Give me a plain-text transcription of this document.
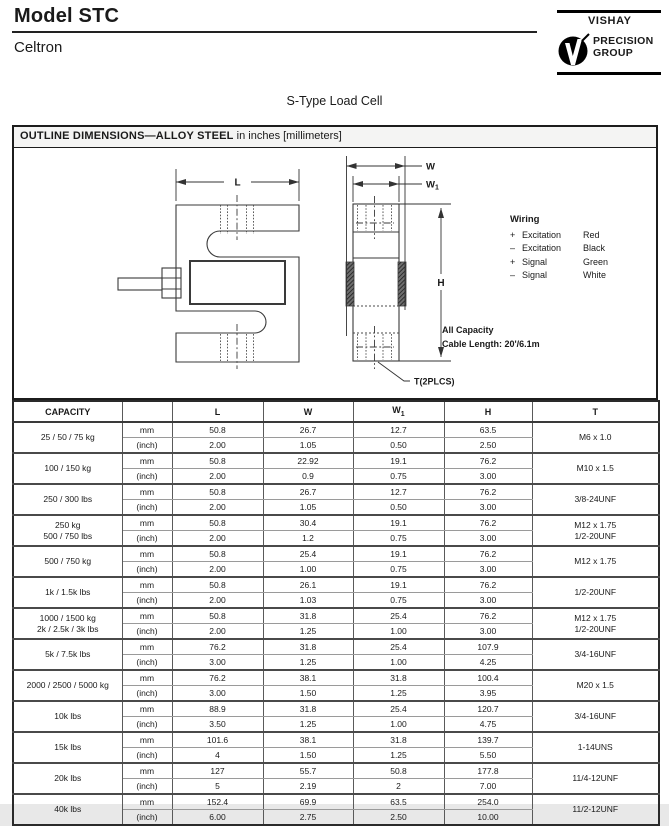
Model STC
Celtron
VISHAY
PRECISION
GROUP
S-Type Load Cell
OUTLINE DIMENSIONS—ALLOY STEEL in inches [millimeters]
L
W
$W_1$
H
T(2PLCS)
Wiring
+ Excitation	Red
– Excitation	Black
+ Signal	Green
– Signal	White
All Capacity
Cable Length: 20'/6.1m
CAPACITY		L	W	$W_1$	H	T
25 / 50 / 75 kg	mm	50.8	26.7	12.7	63.5	M6 x 1.0
	(inch)	2.00	1.05	0.50	2.50	
100 / 150 kg	mm	50.8	22.92	19.1	76.2	M10 x 1.5
	(inch)	2.00	0.9	0.75	3.00	
250 / 300 lbs	mm	50.8	26.7	12.7	76.2	3/8-24UNF
	(inch)	2.00	1.05	0.50	3.00	
250 kg
500 / 750 lbs	mm	50.8	30.4	19.1	76.2	M12 x 1.75
1/2-20UNF
	(inch)	2.00	1.2	0.75	3.00	
500 / 750 kg	mm	50.8	25.4	19.1	76.2	M12 x 1.75
	(inch)	2.00	1.00	0.75	3.00	
1k / 1.5k lbs	mm	50.8	26.1	19.1	76.2	1/2-20UNF
	(inch)	2.00	1.03	0.75	3.00	
1000 / 1500 kg
2k / 2.5k / 3k lbs	mm	50.8	31.8	25.4	76.2	M12 x 1.75
1/2-20UNF
	(inch)	2.00	1.25	1.00	3.00	
5k / 7.5k lbs	mm	76.2	31.8	25.4	107.9	3/4-16UNF
	(inch)	3.00	1.25	1.00	4.25	
2000 / 2500 / 5000 kg	mm	76.2	38.1	31.8	100.4	M20 x 1.5
	(inch)	3.00	1.50	1.25	3.95	
10k lbs	mm	88.9	31.8	25.4	120.7	3/4-16UNF
	(inch)	3.50	1.25	1.00	4.75	
15k lbs	mm	101.6	38.1	31.8	139.7	1-14UNS
	(inch)	4	1.50	1.25	5.50	
20k lbs	mm	127	55.7	50.8	177.8	11/4-12UNF
	(inch)	5	2.19	2	7.00	
40k lbs	mm	152.4	69.9	63.5	254.0	11/2-12UNF
	(inch)	6.00	2.75	2.50	10.00	
